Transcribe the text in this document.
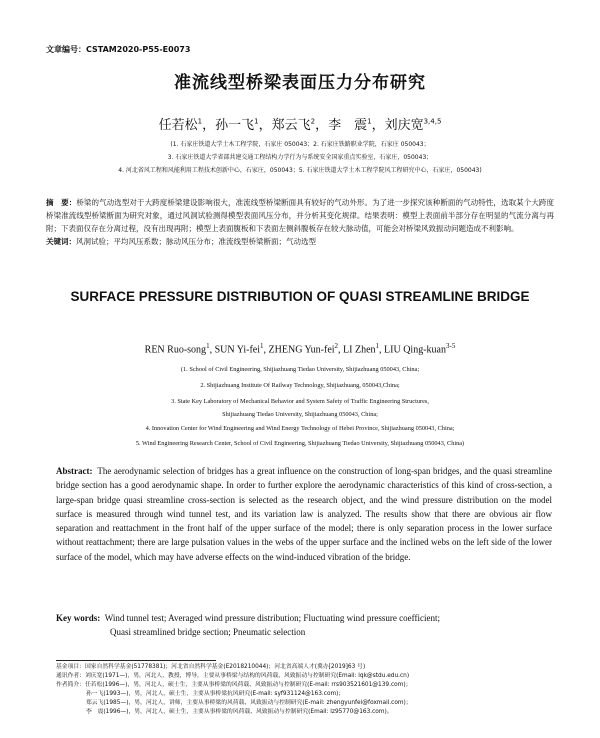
文章编号：CSTAM2020-P55-E0073
准流线型桥梁表面压力分布研究
任若松$^1$，孙一飞$^1$，郑云飞$^2$，李　震$^1$，刘庆宽$^{3,4,5}$
(1. 石家庄铁道大学土木工程学院，石家庄 050043；2. 石家庄铁路职业学院，石家庄 050043；
3. 石家庄铁道大学省部共建交通工程结构力学行为与系统安全国家重点实验室，石家庄，050043；
4. 河北省风工程和风能利用工程技术创新中心，石家庄，050043；5. 石家庄铁道大学土木工程学院风工程研究中心，石家庄，050043)
摘　要：桥梁的气动选型对于大跨度桥梁建设影响很大，准流线型桥梁断面具有较好的气动外形。为了进一步探究该种断面的气动特性，选取某个大跨度桥梁准流线型桥梁断面为研究对象，通过风洞试验测得模型表面风压分布，并分析其变化规律。结果表明：模型上表面前半部分存在明显的气流分离与再附；下表面仅存在分离过程，没有出现再附；模型上表面腹板和下表面左侧斜腹板存在较大脉动值，可能会对桥梁风致振动问题造成不利影响。
关键词：风洞试验；平均风压系数；脉动风压分布；准流线型桥梁断面；气动选型
SURFACE PRESSURE DISTRIBUTION OF QUASI STREAMLINE BRIDGE
REN Ruo-song$^1$, SUN Yi-fei$^1$, ZHENG Yun-fei$^2$, LI Zhen$^1$, LIU Qing-kuan$^{3-5}$
(1. School of Civil Engineering, Shijiazhuang Tiedao University, Shijiazhuang 050043, China;
2. Shijiazhuang Institute Of Railway Technology, Shijiazhuang, 050043,China;
3. State Key Laboratory of Mechanical Behavior and System Safety of Traffic Engineering Structures,
Shijiazhuang Tiedao University, Shijiazhuang 050043, China;
4. Innovation Center for Wind Engineering and Wind Energy Technology of Hebei Province, Shijiazhuang 050043, China;
5. Wind Engineering Research Center, School of Civil Engineering, Shijiazhuang Tiedao University, Shijiazhuang 050043, China)
Abstract: The aerodynamic selection of bridges has a great influence on the construction of long-span bridges, and the quasi streamline bridge section has a good aerodynamic shape. In order to further explore the aerodynamic characteristics of this kind of cross-section, a large-span bridge quasi streamline cross-section is selected as the research object, and the wind pressure distribution on the model surface is measured through wind tunnel test, and its variation law is analyzed. The results show that there are obvious air flow separation and reattachment in the front half of the upper surface of the model; there is only separation process in the lower surface without reattachment; there are large pulsation values in the webs of the upper surface and the inclined webs on the left side of the lower surface of the model, which may have adverse effects on the wind-induced vibration of the bridge.
Key words: Wind tunnel test; Averaged wind pressure distribution; Fluctuating wind pressure coefficient;
Quasi streamlined bridge section; Pneumatic selection
基金项目：国家自然科学基金(51778381)；河北省自然科学基金(E2018210044)；河北省高端人才(冀办[2019]63 号)
通讯作者：刘庆宽(1971—)，男，河北人，教授，博导，主要从事桥梁与结构的风荷载、风致振动与控制研究(Email: lqk@stdu.edu.cn)
作者简介：任若松(1996—)，男，河北人，硕士生，主要从事桥梁的风荷载、风致振动与控制研究(E-mail: rrs903521601@139.com)；
孙一飞(1993—)，男，河北人，硕士生，主要从事桥梁抗风研究(E-mail: syf931124@163.com)；
郑云飞(1985—)，男，河北人，讲师，主要从事桥梁的风荷载、风致振动与控制研究(E-mail: zhengyunfei@foxmail.com)；
李　震(1996—)，男，河北人，硕士生，主要从事桥梁的风荷载、风致振动与控制研究(Email: lz95770@163.com)。
